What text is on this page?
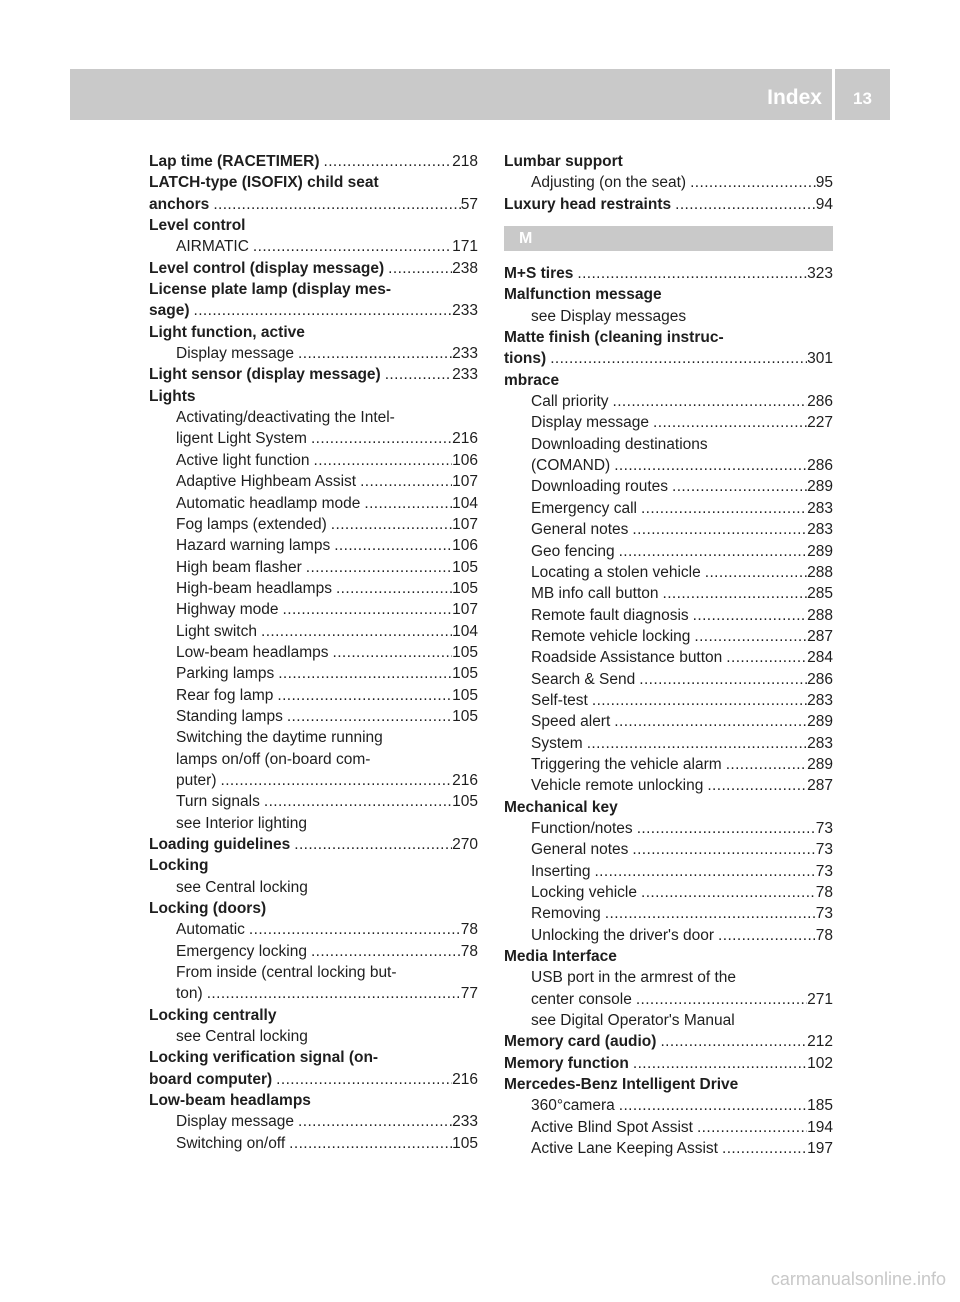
Index	13
Lap time (RACETIMER) .....	218
LATCH-type (ISOFIX) child seat
anchors .....	57
Level control
AIRMATIC .....	171
Level control (display message) .....	238
License plate lamp (display mes-
sage) .....	233
Light function, active
Display message .....	233
Light sensor (display message) .....	233
Lights
Activating/deactivating the Intel-
ligent Light System .....	216
Active light function .....	106
Adaptive Highbeam Assist .....	107
Automatic headlamp mode .....	104
Fog lamps (extended) .....	107
Hazard warning lamps .....	106
High beam flasher .....	105
High-beam headlamps .....	105
Highway mode .....	107
Light switch .....	104
Low-beam headlamps .....	105
Parking lamps .....	105
Rear fog lamp .....	105
Standing lamps .....	105
Switching the daytime running
lamps on/off (on-board com-
puter) .....	216
Turn signals .....	105
see Interior lighting
Loading guidelines .....	270
Locking
see Central locking
Locking (doors)
Automatic .....	78
Emergency locking .....	78
From inside (central locking but-
ton) .....	77
Locking centrally
see Central locking
Locking verification signal (on-
board computer) .....	216
Low-beam headlamps
Display message .....	233
Switching on/off .....	105
Lumbar support
Adjusting (on the seat) .....	95
Luxury head restraints .....	94
M
M+S tires .....	323
Malfunction message
see Display messages
Matte finish (cleaning instruc-
tions) .....	301
mbrace
Call priority .....	286
Display message .....	227
Downloading destinations
(COMAND) .....	286
Downloading routes .....	289
Emergency call .....	283
General notes .....	283
Geo fencing .....	289
Locating a stolen vehicle .....	288
MB info call button .....	285
Remote fault diagnosis .....	288
Remote vehicle locking .....	287
Roadside Assistance button .....	284
Search & Send .....	286
Self-test .....	283
Speed alert .....	289
System .....	283
Triggering the vehicle alarm .....	289
Vehicle remote unlocking .....	287
Mechanical key
Function/notes .....	73
General notes .....	73
Inserting .....	73
Locking vehicle .....	78
Removing .....	73
Unlocking the driver's door .....	78
Media Interface
USB port in the armrest of the
center console .....	271
see Digital Operator's Manual
Memory card (audio) .....	212
Memory function .....	102
Mercedes-Benz Intelligent Drive
360°camera .....	185
Active Blind Spot Assist .....	194
Active Lane Keeping Assist .....	197
carmanualsonline.info
